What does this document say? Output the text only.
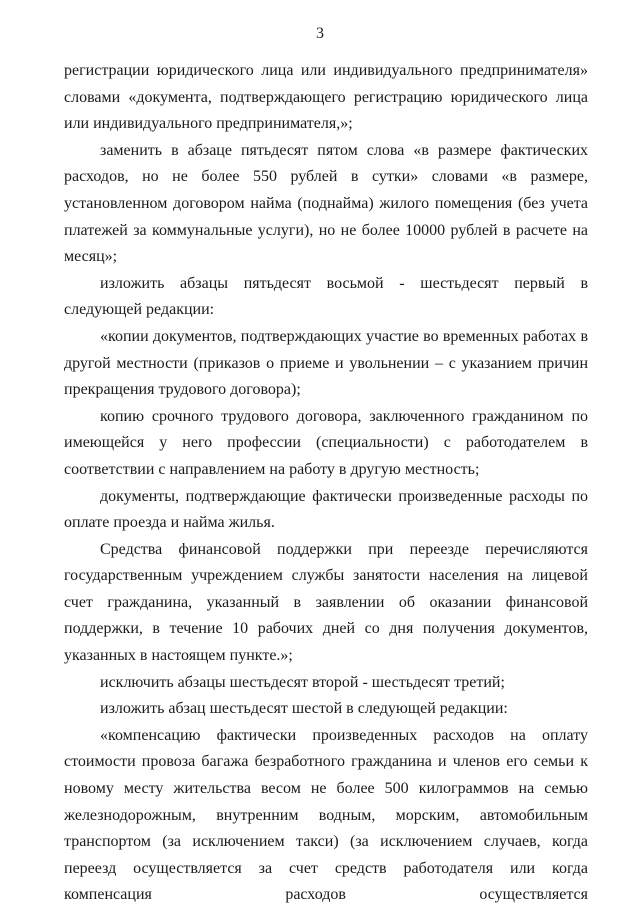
3

регистрации юридического лица или индивидуального предпринимателя» словами «документа, подтверждающего регистрацию юридического лица или индивидуального предпринимателя,»;

заменить в абзаце пятьдесят пятом слова «в размере фактических расходов, но не более 550 рублей в сутки» словами «в размере, установленном договором найма (поднайма) жилого помещения (без учета платежей за коммунальные услуги), но не более 10000 рублей в расчете на месяц»;

изложить абзацы пятьдесят восьмой - шестьдесят первый в следующей редакции:

«копии документов, подтверждающих участие во временных работах в другой местности (приказов о приеме и увольнении – с указанием причин прекращения трудового договора);

копию срочного трудового договора, заключенного гражданином по имеющейся у него профессии (специальности) с работодателем в соответствии с направлением на работу в другую местность;

документы, подтверждающие фактически произведенные расходы по оплате проезда и найма жилья.

Средства финансовой поддержки при переезде перечисляются государственным учреждением службы занятости населения на лицевой счет гражданина, указанный в заявлении об оказании финансовой поддержки, в течение 10 рабочих дней со дня получения документов, указанных в настоящем пункте.»;

исключить абзацы шестьдесят второй - шестьдесят третий;

изложить абзац шестьдесят шестой в следующей редакции:

«компенсацию фактически произведенных расходов на оплату стоимости провоза багажа безработного гражданина и членов его семьи к новому месту жительства весом не более 500 килограммов на семью железнодорожным, внутренним водным, морским, автомобильным транспортом (за исключением такси) (за исключением случаев, когда переезд осуществляется за счет средств работодателя или когда компенсация расходов осуществляется
